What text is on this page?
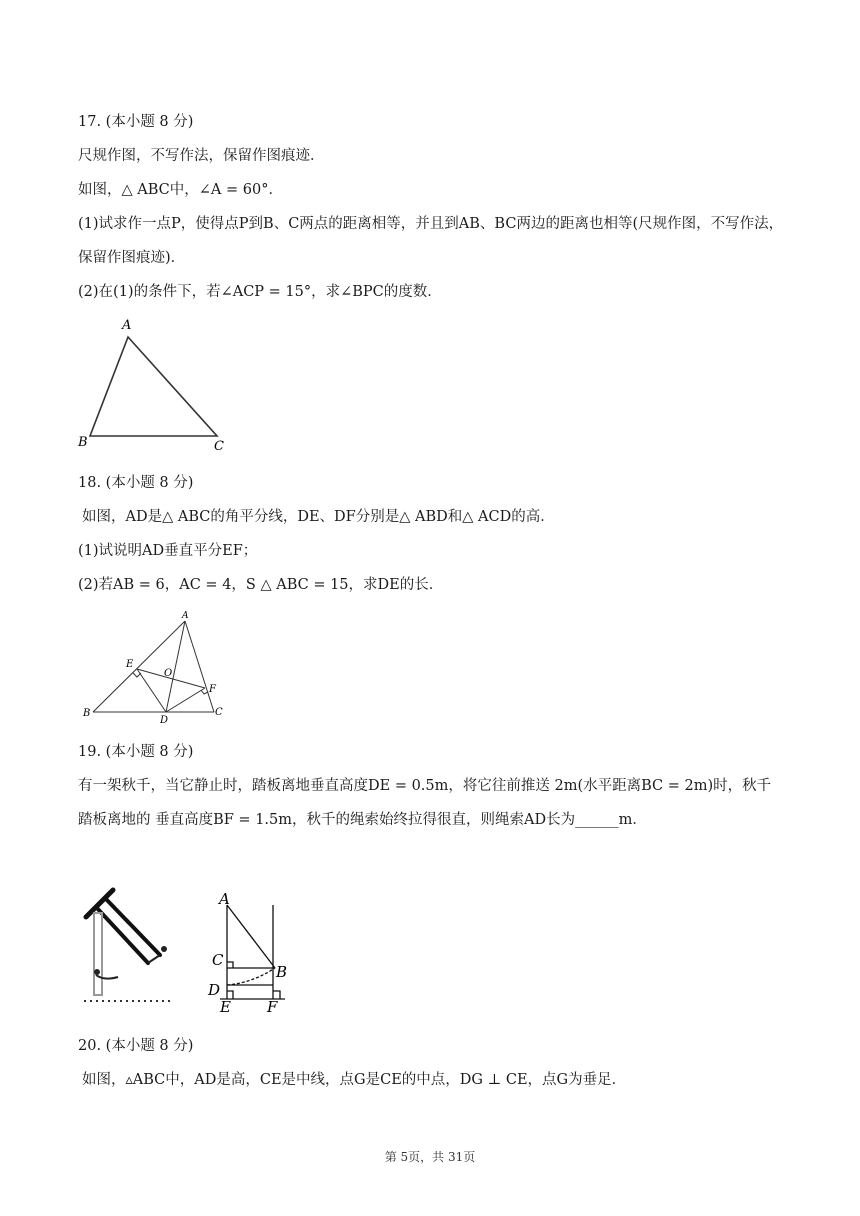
17. (本小题 8 分)
尺规作图，不写作法，保留作图痕迹．
如图，△ ABC中，∠A = 60°．
(1)试求作一点P，使得点P到B、C两点的距离相等，并且到AB、BC两边的距离也相等(尺规作图，不写作法，
保留作图痕迹)．
(2)在(1)的条件下，若∠ACP = 15°，求∠BPC的度数．
A
B	C
18. (本小题 8 分)
如图，AD是△ ABC的角平分线，DE、DF分别是△ ABD和△ ACD的高．
(1)试说明AD垂直平分EF；
(2)若AB = 6，AC = 4，S △ ABC = 15，求DE的长．
A
B	C
D
E
F
O
19. (本小题 8 分)
有一架秋千，当它静止时，踏板离地垂直高度DE = 0.5m，将它往前推送 2m(水平距离BC = 2m)时，秋千
踏板离地的 垂直高度BF = 1.5m，秋千的绳索始终拉得很直，则绳索AD长为______m．
A
C
B
D
E F
20. (本小题 8 分)
如图，▵ABC中，AD是高，CE是中线，点G是CE的中点，DG ⊥ CE，点G为垂足．
第 5页，共 31页
